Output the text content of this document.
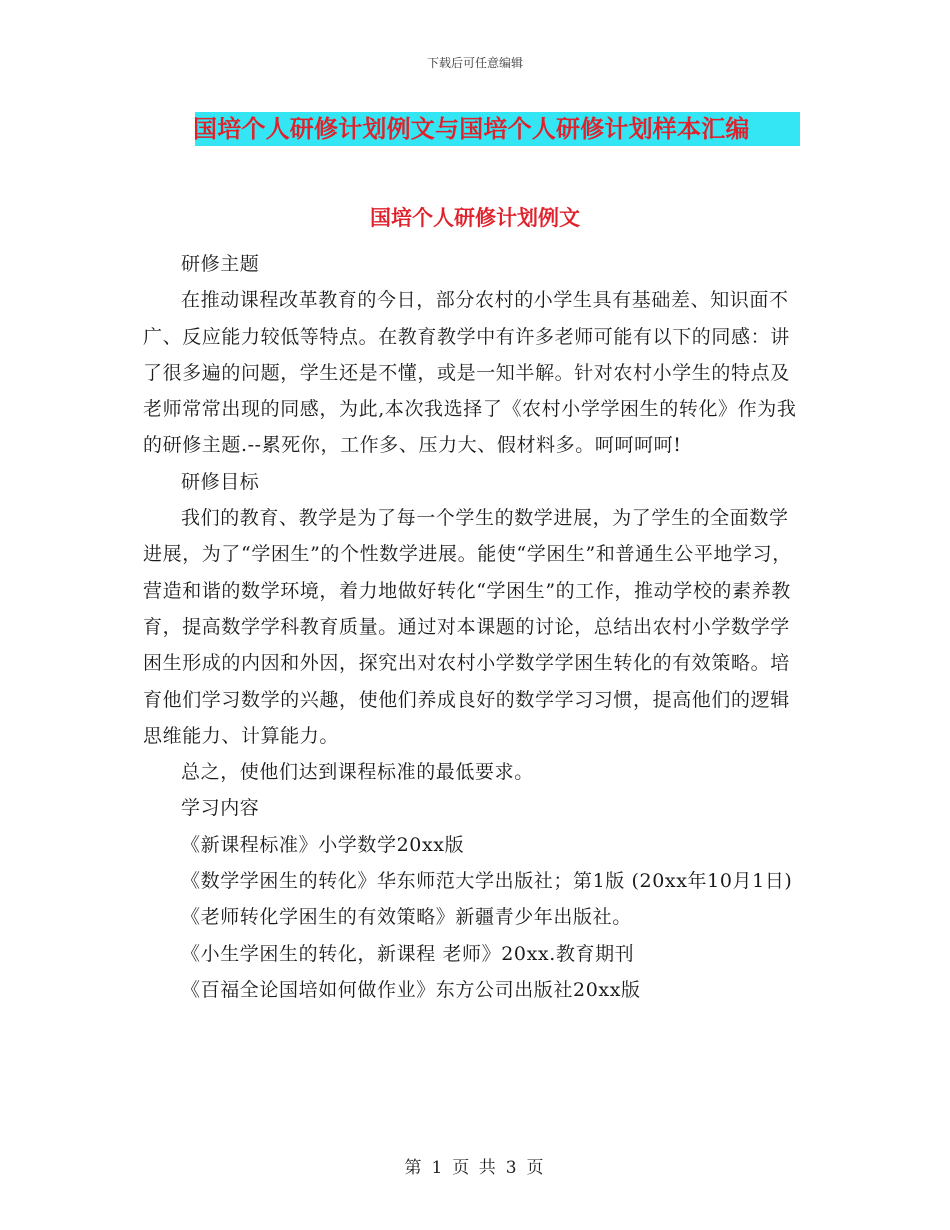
下载后可任意编辑
国培个人研修计划例文与国培个人研修计划样本汇编
国培个人研修计划例文

研修主题

在推动课程改革教育的今日，部分农村的小学生具有基础差、知识面不广、反应能力较低等特点。在教育教学中有许多老师可能有以下的同感：讲了很多遍的问题，学生还是不懂，或是一知半解。针对农村小学生的特点及老师常常出现的同感，为此,本次我选择了《农村小学学困生的转化》作为我的研修主题.--累死你，工作多、压力大、假材料多。呵呵呵呵!

研修目标

我们的教育、教学是为了每一个学生的数学进展，为了学生的全面数学进展，为了“学困生”的个性数学进展。能使“学困生”和普通生公平地学习，营造和谐的数学环境，着力地做好转化“学困生”的工作，推动学校的素养教育，提高数学学科教育质量。通过对本课题的讨论，总结出农村小学数学学困生形成的内因和外因，探究出对农村小学数学学困生转化的有效策略。培育他们学习数学的兴趣，使他们养成良好的数学学习习惯，提高他们的逻辑思维能力、计算能力。

总之，使他们达到课程标准的最低要求。

学习内容

《新课程标准》小学数学20xx版

《数学学困生的转化》华东师范大学出版社；第1版 (20xx年10月1日)

《老师转化学困生的有效策略》新疆青少年出版社。

《小生学困生的转化，新课程 老师》20xx.教育期刊

《百福全论国培如何做作业》东方公司出版社20xx版

第 1 页 共 3 页
